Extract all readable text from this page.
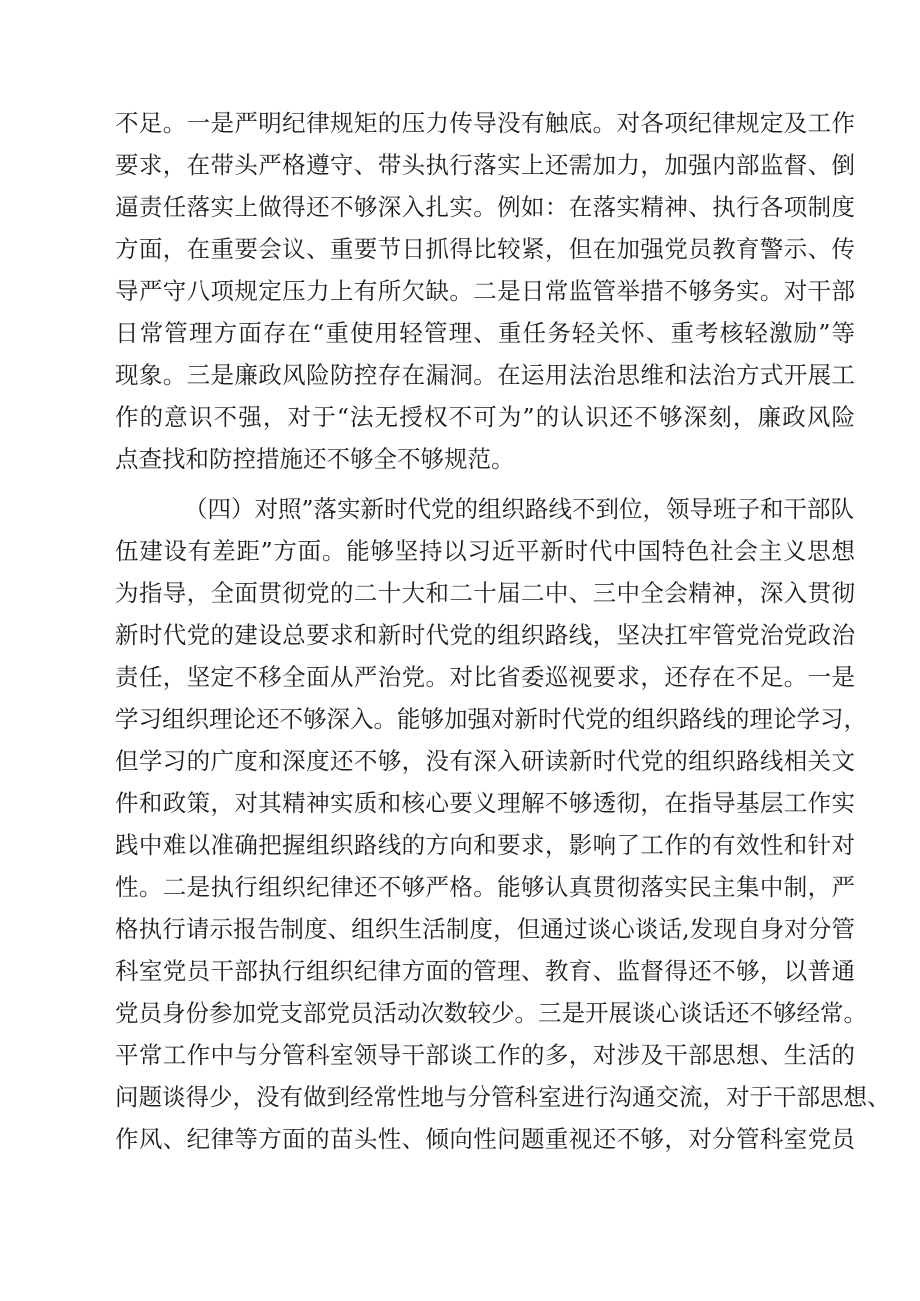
不足。一是严明纪律规矩的压力传导没有触底。对各项纪律规定及工作
要求，在带头严格遵守、带头执行落实上还需加力，加强内部监督、倒
逼责任落实上做得还不够深入扎实。例如：在落实精神、执行各项制度
方面，在重要会议、重要节日抓得比较紧，但在加强党员教育警示、传
导严守八项规定压力上有所欠缺。二是日常监管举措不够务实。对干部
日常管理方面存在“重使用轻管理、重任务轻关怀、重考核轻激励”等
现象。三是廉政风险防控存在漏洞。在运用法治思维和法治方式开展工
作的意识不强，对于“法无授权不可为”的认识还不够深刻，廉政风险
点查找和防控措施还不够全不够规范。
（四）对照”落实新时代党的组织路线不到位，领导班子和干部队
伍建设有差距”方面。能够坚持以习近平新时代中国特色社会主义思想
为指导，全面贯彻党的二十大和二十届二中、三中全会精神，深入贯彻
新时代党的建设总要求和新时代党的组织路线，坚决扛牢管党治党政治
责任，坚定不移全面从严治党。对比省委巡视要求，还存在不足。一是
学习组织理论还不够深入。能够加强对新时代党的组织路线的理论学习，
但学习的广度和深度还不够，没有深入研读新时代党的组织路线相关文
件和政策，对其精神实质和核心要义理解不够透彻，在指导基层工作实
践中难以准确把握组织路线的方向和要求，影响了工作的有效性和针对
性。二是执行组织纪律还不够严格。能够认真贯彻落实民主集中制，严
格执行请示报告制度、组织生活制度，但通过谈心谈话,发现自身对分管
科室党员干部执行组织纪律方面的管理、教育、监督得还不够，以普通
党员身份参加党支部党员活动次数较少。三是开展谈心谈话还不够经常。
平常工作中与分管科室领导干部谈工作的多，对涉及干部思想、生活的
问题谈得少，没有做到经常性地与分管科室进行沟通交流，对于干部思想、
作风、纪律等方面的苗头性、倾向性问题重视还不够，对分管科室党员
